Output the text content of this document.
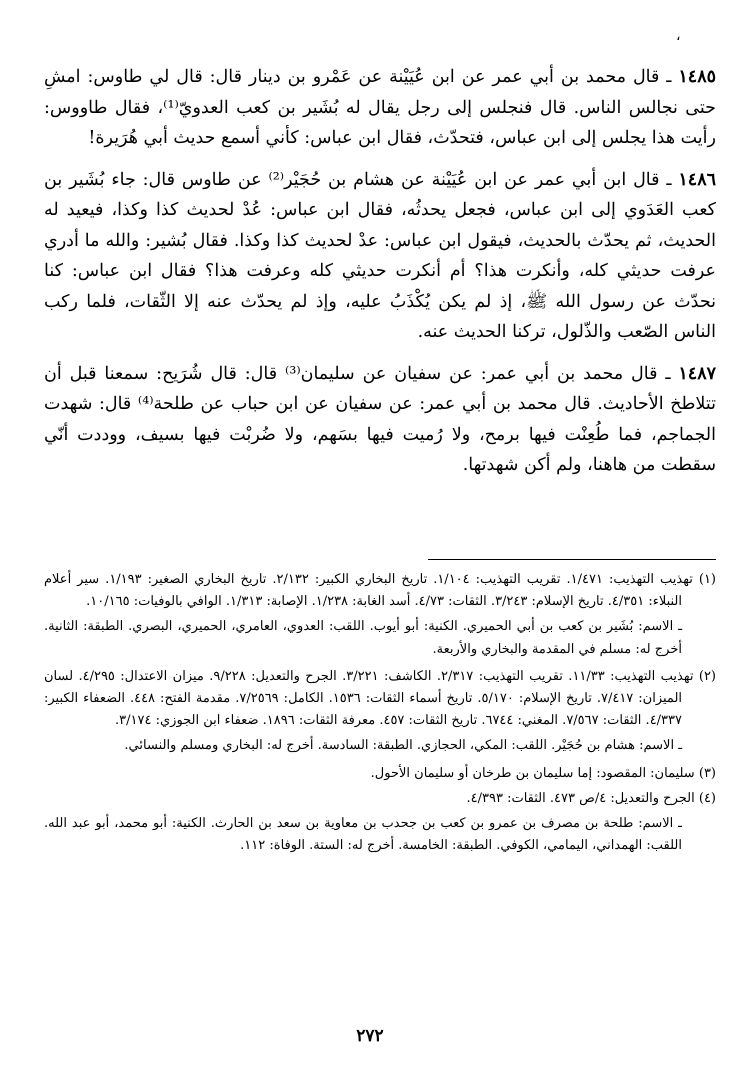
،

١٤٨٥ ـ قال محمد بن أبي عمر عن ابن عُيَيْنة عن عَمْرو بن دينار قال: قال لي طاوس: امشِ حتى نجالس الناس. قال فنجلس إلى رجل يقال له بُشَير بن كعب العدويّ⁽¹⁾، فقال طاووس: رأيت هذا يجلس إلى ابن عباس، فتحدّث، فقال ابن عباس: كأني أسمع حديث أبي هُرَيرة!

١٤٨٦ ـ قال ابن أبي عمر عن ابن عُيَيْنة عن هشام بن حُجَيْر⁽²⁾ عن طاوس قال: جاء بُشَير بن كعب العَدَوي إلى ابن عباس، فجعل يحدثُه، فقال ابن عباس: عُدْ لحديث كذا وكذا، فيعيد له الحديث، ثم يحدّث بالحديث، فيقول ابن عباس: عدْ لحديث كذا وكذا. فقال بُشير: والله ما أدري عرفت حديثي كله، وأنكرت هذا؟ أم أنكرت حديثي كله وعرفت هذا؟ فقال ابن عباس: كنا نحدّث عن رسول الله ﷺ، إذ لم يكن يُكْذَبُ عليه، وإذ لم يحدّث عنه إلا الثّقات، فلما ركب الناس الصّعب والذّلول، تركنا الحديث عنه.

١٤٨٧ ـ قال محمد بن أبي عمر: عن سفيان عن سليمان⁽³⁾ قال: قال شُرَيح: سمعنا قبل أن تتلاطخ الأحاديث. قال محمد بن أبي عمر: عن سفيان عن ابن حباب عن طلحة⁽⁴⁾ قال: شهدت الجماجم، فما طُعِنْت فيها برمح، ولا رُميت فيها بسَهم، ولا ضُربْت فيها بسيف، ووددت أنّي سقطت من هاهنا، ولم أكن شهدتها.

(١) تهذيب التهذيب: ١/٤٧١. تقريب التهذيب: ١/١٠٤. تاريخ البخاري الكبير: ٢/١٣٢. تاريخ البخاري الصغير: ١/١٩٣. سير أعلام النبلاء: ٤/٣٥١. تاريخ الإسلام: ٣/٢٤٣. الثقات: ٤/٧٣. أسد الغابة: ١/٢٣٨. الإصابة: ١/٣١٣. الوافي بالوفيات: ١٠/١٦٥.

ـ الاسم: بُشَير بن كعب بن أبي الحميري. الكنية: أبو أيوب. اللقب: العدوي، العامري، الحميري، البصري. الطبقة: الثانية. أخرج له: مسلم في المقدمة والبخاري والأربعة.

(٢) تهذيب التهذيب: ١١/٣٣. تقريب التهذيب: ٢/٣١٧. الكاشف: ٣/٢٢١. الجرح والتعديل: ٩/٢٢٨. ميزان الاعتدال: ٤/٢٩٥. لسان الميزان: ٧/٤١٧. تاريخ الإسلام: ٥/١٧٠. تاريخ أسماء الثقات: ١٥٣٦. الكامل: ٧/٢٥٦٩. مقدمة الفتح: ٤٤٨. الضعفاء الكبير: ٤/٣٣٧. الثقات: ٧/٥٦٧. المغني: ٦٧٤٤. تاريخ الثقات: ٤٥٧. معرفة الثقات: ١٨٩٦. ضعفاء ابن الجوزي: ٣/١٧٤.

ـ الاسم: هشام بن حُجَيْر. اللقب: المكي، الحجازي. الطبقة: السادسة. أخرج له: البخاري ومسلم والنسائي.

(٣) سليمان: المقصود: إما سليمان بن طرخان أو سليمان الأحول.

(٤) الجرح والتعديل: ٤/ص ٤٧٣. الثقات: ٤/٣٩٣.

ـ الاسم: طلحة بن مصرف بن عمرو بن كعب بن جحدب بن معاوية بن سعد بن الحارث. الكنية: أبو محمد، أبو عبد الله. اللقب: الهمداني، اليمامي، الكوفي. الطبقة: الخامسة. أخرج له: الستة. الوفاة: ١١٢.

٢٧٢
